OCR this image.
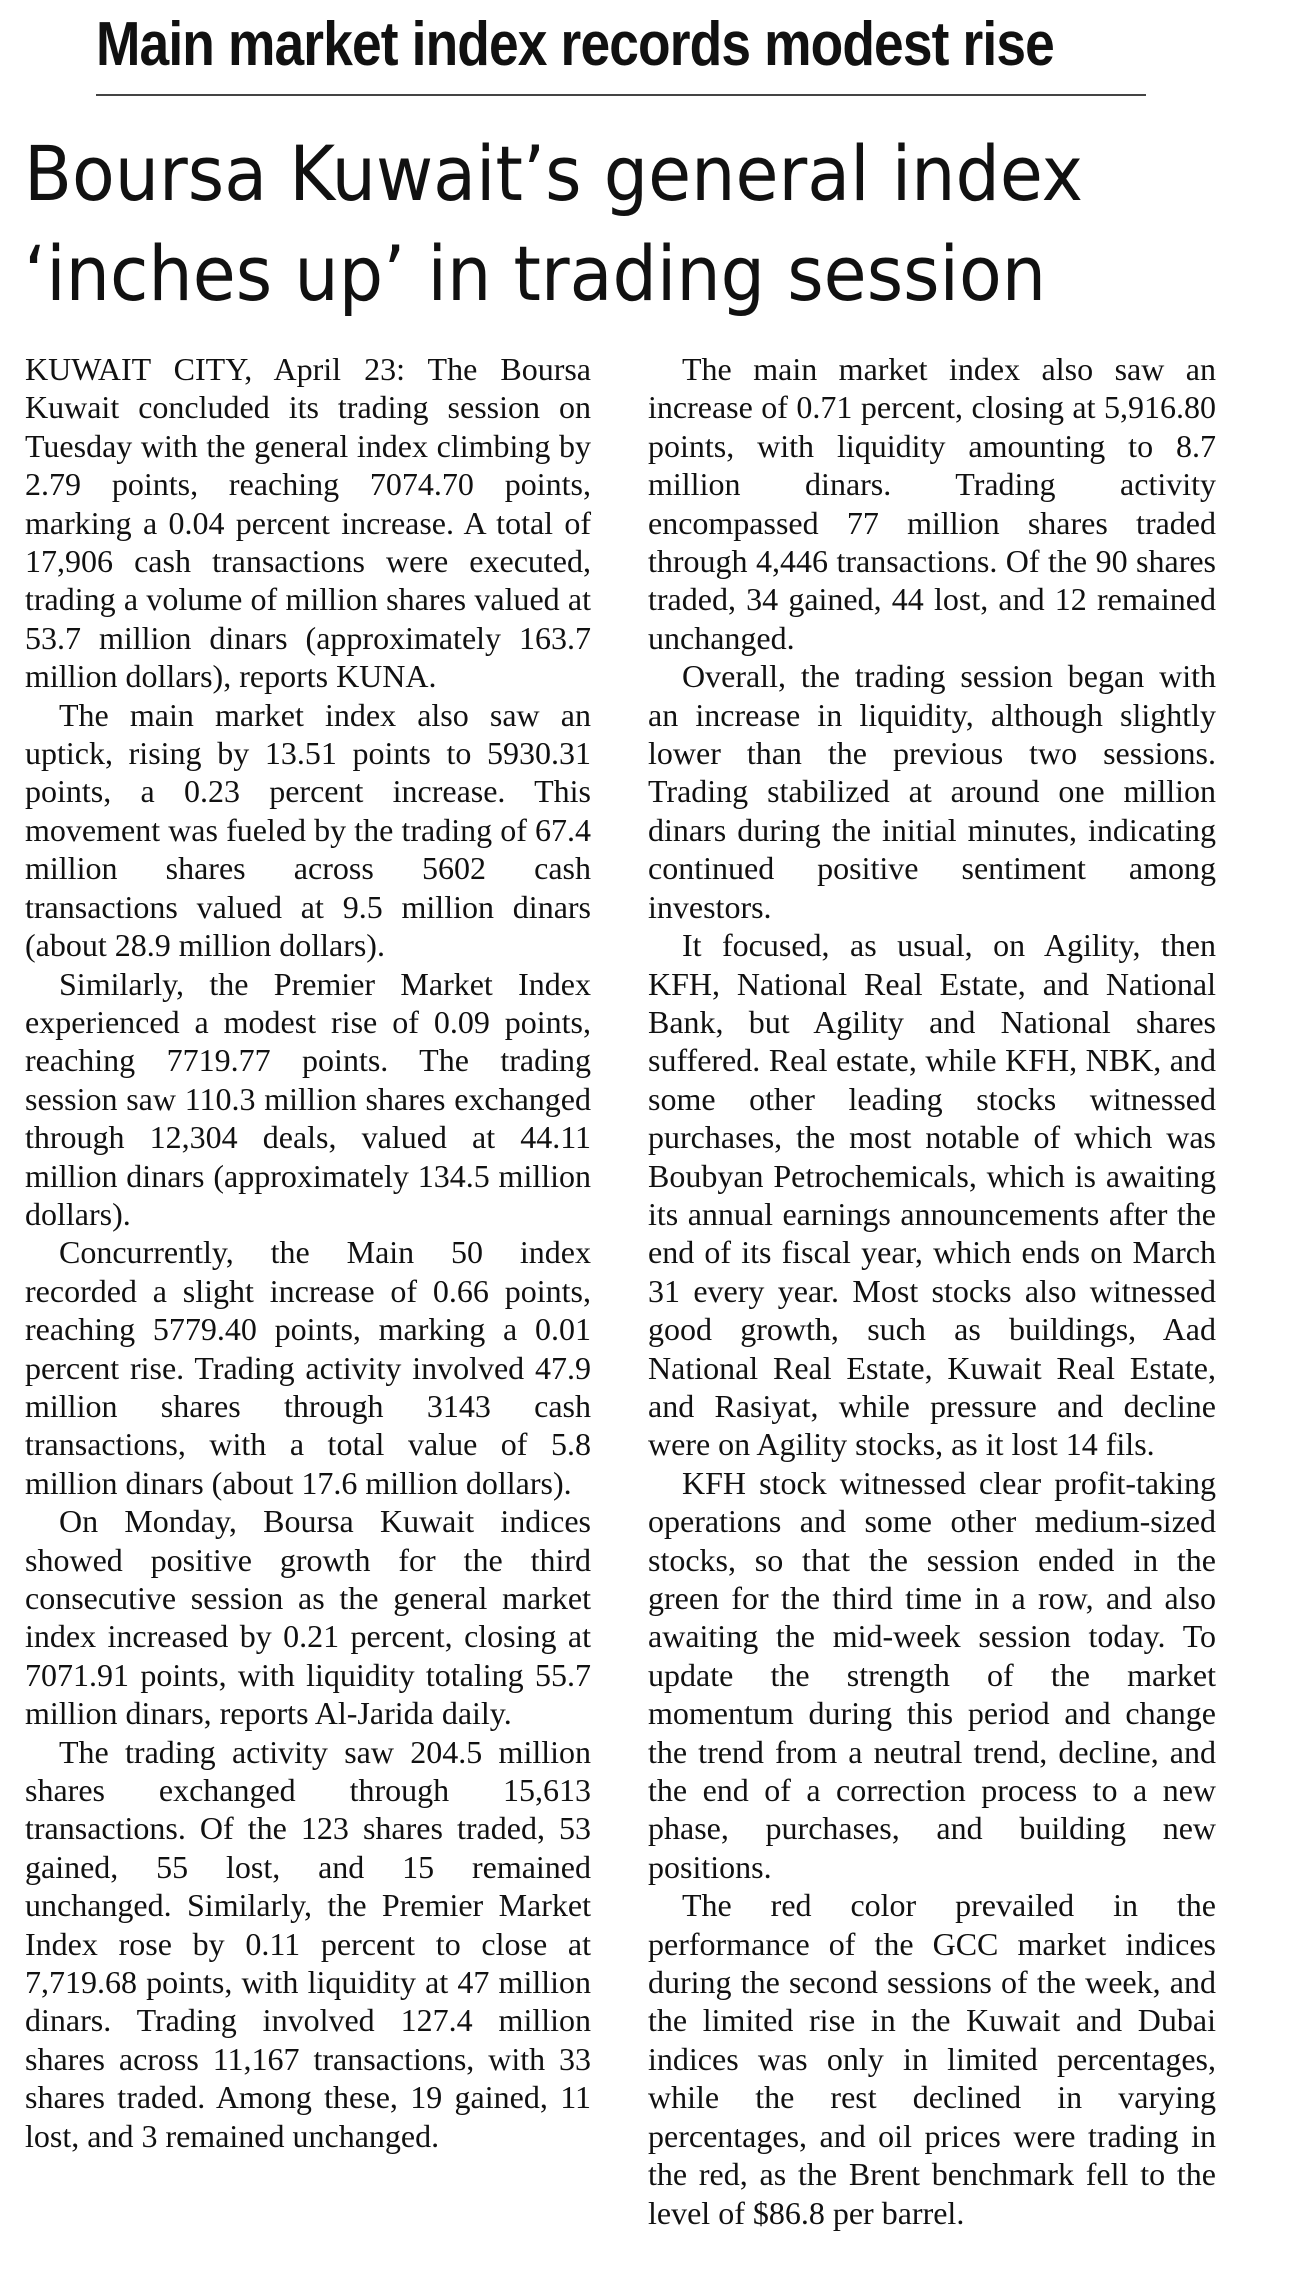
Main market index records modest rise
Boursa Kuwait’s general index
‘inches up’ in trading session

KUWAIT CITY, April 23: The Boursa Kuwait concluded its trading session on Tuesday with the general index climbing by 2.79 points, reaching 7074.70 points, marking a 0.04 percent increase. A total of 17,906 cash transactions were executed, trading a volume of million shares valued at 53.7 million dinars (approximately 163.7 million dollars), reports KUNA.

The main market index also saw an uptick, rising by 13.51 points to 5930.31 points, a 0.23 percent increase. This movement was fueled by the trading of 67.4 million shares across 5602 cash transactions valued at 9.5 million dinars (about 28.9 million dollars).

Similarly, the Premier Market Index experienced a modest rise of 0.09 points, reaching 7719.77 points. The trading session saw 110.3 million shares exchanged through 12,304 deals, valued at 44.11 million dinars (approximately 134.5 million dollars).

Concurrently, the Main 50 index recorded a slight increase of 0.66 points, reaching 5779.40 points, marking a 0.01 percent rise. Trading activity involved 47.9 million shares through 3143 cash transactions, with a total value of 5.8 million dinars (about 17.6 million dollars).

On Monday, Boursa Kuwait indices showed positive growth for the third consecutive session as the general market index increased by 0.21 percent, closing at 7071.91 points, with liquidity totaling 55.7 million dinars, reports Al-Jarida daily.

The trading activity saw 204.5 million shares exchanged through 15,613 transactions. Of the 123 shares traded, 53 gained, 55 lost, and 15 remained unchanged. Similarly, the Premier Market Index rose by 0.11 percent to close at 7,719.68 points, with liquidity at 47 million dinars. Trading involved 127.4 million shares across 11,167 transactions, with 33 shares traded. Among these, 19 gained, 11 lost, and 3 remained unchanged.

The main market index also saw an increase of 0.71 percent, closing at 5,916.80 points, with liquidity amounting to 8.7 million dinars. Trading activity encompassed 77 million shares traded through 4,446 transactions. Of the 90 shares traded, 34 gained, 44 lost, and 12 remained unchanged.

Overall, the trading session began with an increase in liquidity, although slightly lower than the previous two sessions. Trading stabilized at around one million dinars during the initial minutes, indicating continued positive sentiment among investors.

It focused, as usual, on Agility, then KFH, National Real Estate, and National Bank, but Agility and National shares suffered. Real estate, while KFH, NBK, and some other leading stocks witnessed purchases, the most notable of which was Boubyan Petrochemicals, which is awaiting its annual earnings announcements after the end of its fiscal year, which ends on March 31 every year. Most stocks also witnessed good growth, such as buildings, Aad National Real Estate, Kuwait Real Estate, and Rasiyat, while pressure and decline were on Agility stocks, as it lost 14 fils.

KFH stock witnessed clear profit-taking operations and some other medium-sized stocks, so that the session ended in the green for the third time in a row, and also awaiting the mid-week session today. To update the strength of the market momentum during this period and change the trend from a neutral trend, decline, and the end of a correction process to a new phase, purchases, and building new positions.

The red color prevailed in the performance of the GCC market indices during the second sessions of the week, and the limited rise in the Kuwait and Dubai indices was only in limited percentages, while the rest declined in varying percentages, and oil prices were trading in the red, as the Brent benchmark fell to the level of $86.8 per barrel.
